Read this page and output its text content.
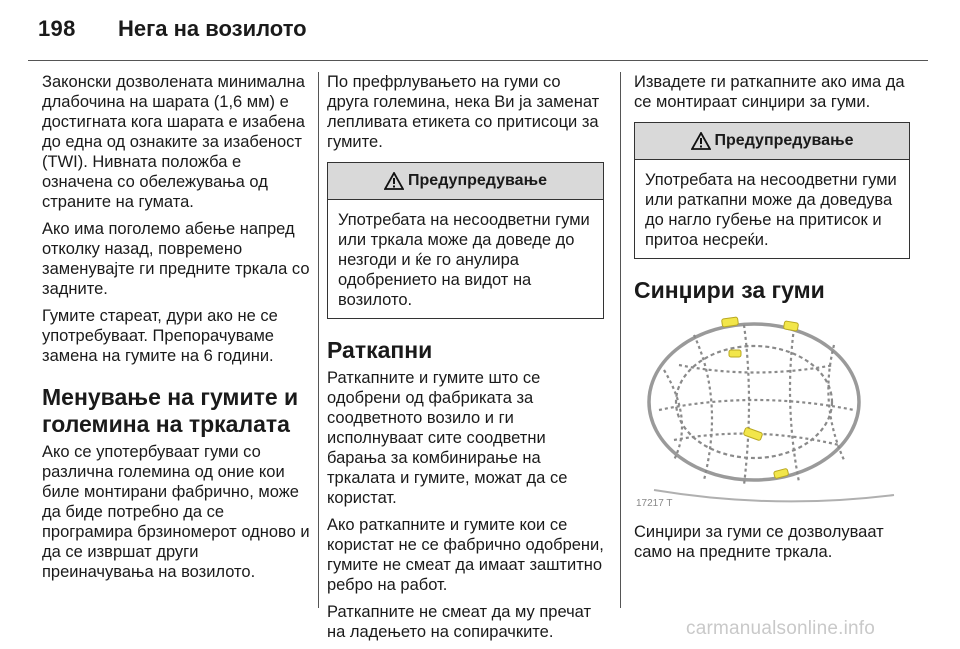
198 Нега на возилото

Законски дозволената минимална длабочина на шарата (1,6 мм) е достигната кога шарата е изабена до една од ознаките за изабеност (TWI). Нивната положба е означена со обележувања од страните на гумата.

Ако има поголемо абење напред отколку назад, повремено заменувајте ги предните тркала со задните.

Гумите стареат, дури ако не се употребуваат. Препорачуваме замена на гумите на 6 години.

Менување на гумите и големина на тркалата

Ако се употербуваат гуми со различна големина од оние кои биле монтирани фабрично, може да биде потребно да се програмира брзиномерот одново и да се извршат други преиначувања на возилото.

По префрлувањето на гуми со друга големина, нека Ви ја заменат лепливата етикета со притисоци за гумите.

Предупредување

Употребата на несоодветни гуми или тркала може да доведе до незгоди и ќе го анулира одобрението на видот на возилото.

Раткапни

Раткапните и гумите што се одобрени од фабриката за соодветното возило и ги исполнуваат сите соодветни барања за комбинирање на тркалата и гумите, можат да се користат.

Ако раткапните и гумите кои се користат не се фабрично одобрени, гумите не смеат да имаат заштитно ребро на работ.

Раткапните не смеат да му пречат на ладењето на сопирачките.

Извадете ги раткапните ако има да се монтираат синџири за гуми.

Предупредување

Употребата на несоодветни гуми или раткапни може да доведува до нагло губење на притисок и притоа несреќи.

Синџири за гуми
17217 T

Синџири за гуми се дозволуваат само на предните тркала.

carmanualsonline.info
